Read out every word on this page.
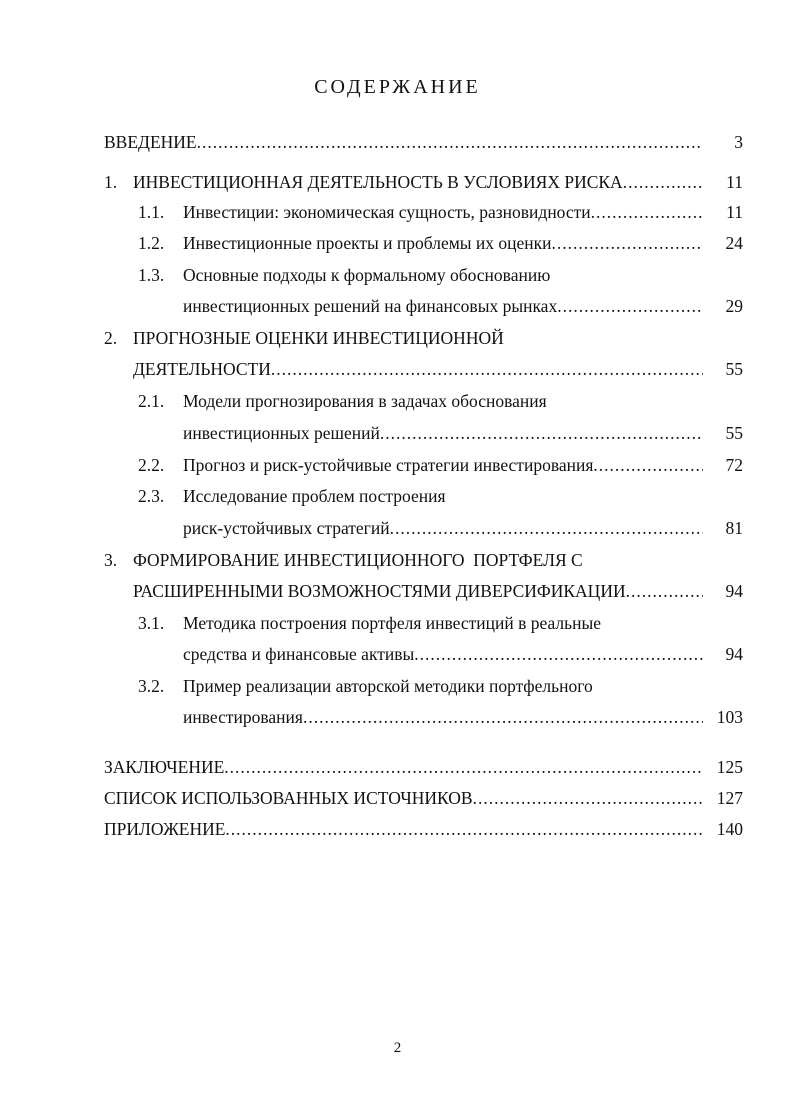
СОДЕРЖАНИЕ
ВВЕДЕНИЕ .....	3
1. ИНВЕСТИЦИОННАЯ ДЕЯТЕЛЬНОСТЬ В УСЛОВИЯХ РИСКА .....	11
1.1. Инвестиции: экономическая сущность, разновидности .....	11
1.2. Инвестиционные проекты и проблемы их оценки .....	24
1.3. Основные подходы к формальному обоснованию
инвестиционных решений на финансовых рынках .....	29
2. ПРОГНОЗНЫЕ ОЦЕНКИ ИНВЕСТИЦИОННОЙ
ДЕЯТЕЛЬНОСТИ .....	55
2.1. Модели прогнозирования в задачах обоснования
инвестиционных решений .....	55
2.2. Прогноз и риск-устойчивые стратегии инвестирования .....	72
2.3. Исследование проблем построения
риск-устойчивых стратегий .....	81
3. ФОРМИРОВАНИЕ ИНВЕСТИЦИОННОГО  ПОРТФЕЛЯ С
РАСШИРЕННЫМИ ВОЗМОЖНОСТЯМИ ДИВЕРСИФИКАЦИИ .....	94
3.1. Методика построения портфеля инвестиций в реальные
средства и финансовые активы .....	94
3.2. Пример реализации авторской методики портфельного
инвестирования .....	103
ЗАКЛЮЧЕНИЕ .....	125
СПИСОК ИСПОЛЬЗОВАННЫХ ИСТОЧНИКОВ .....	127
ПРИЛОЖЕНИЕ .....	140
2
